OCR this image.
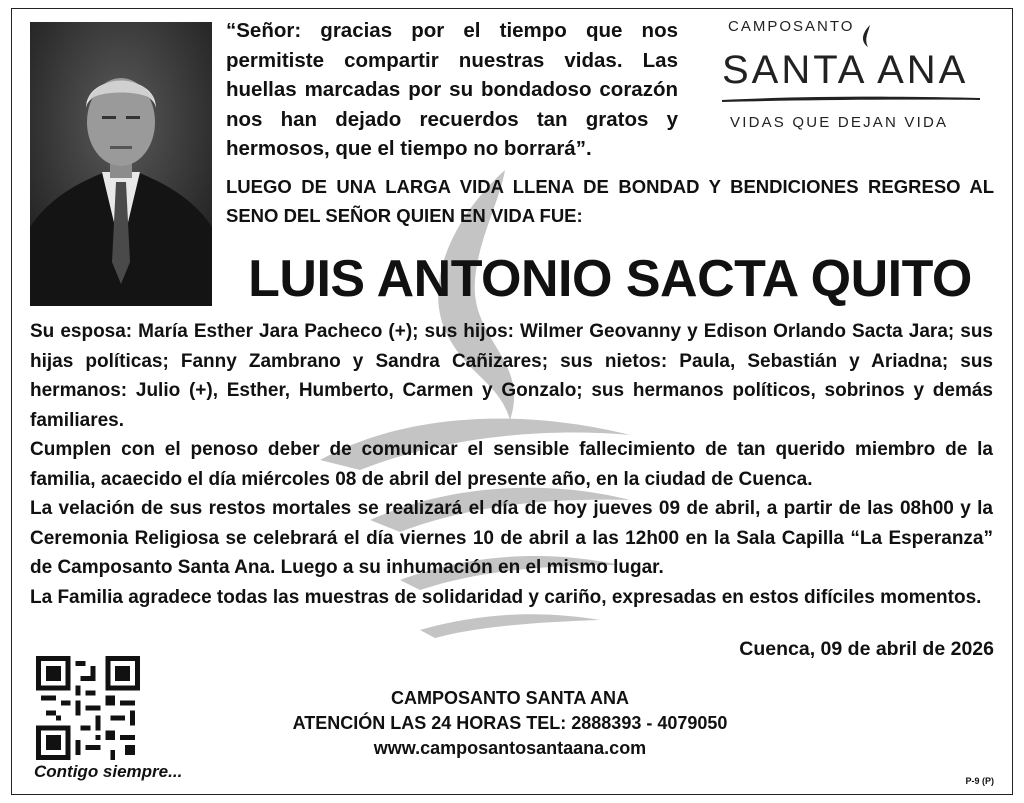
“Señor: gracias por el tiempo que nos permitiste compartir nuestras vidas. Las huellas marcadas por su bondadoso corazón nos han dejado recuerdos tan gratos y hermosos, que el tiempo no borrará”.
CAMPOSANTO
SANTA ANA
VIDAS QUE DEJAN VIDA
LUEGO DE UNA LARGA VIDA LLENA DE BONDAD Y BENDICIONES REGRESO AL SENO DEL SEÑOR QUIEN EN VIDA FUE:
LUIS ANTONIO SACTA QUITO

Su esposa: María Esther Jara Pacheco (+); sus hijos: Wilmer Geovanny y Edison Orlando Sacta Jara; sus hijas políticas; Fanny Zambrano y Sandra Cañizares; sus nietos: Paula, Sebastián y Ariadna; sus hermanos: Julio (+), Esther, Humberto, Carmen y Gonzalo; sus hermanos políticos, sobrinos y demás familiares.

Cumplen con el penoso deber de comunicar el sensible fallecimiento de tan querido miembro de la familia, acaecido el día miércoles 08 de abril del presente año, en la ciudad de Cuenca.

La velación de sus restos mortales se realizará el día de hoy jueves 09 de abril, a partir de las 08h00 y la Ceremonia Religiosa se celebrará el día viernes 10 de abril a las 12h00 en la Sala Capilla “La Esperanza” de Camposanto Santa Ana. Luego a su inhumación en el mismo lugar.

La Familia agradece todas las muestras de solidaridad y cariño, expresadas en estos difíciles momentos.

Cuenca, 09 de abril de 2026
Contigo siempre...
CAMPOSANTO SANTA ANA
ATENCIÓN LAS 24 HORAS TEL: 2888393 - 4079050
www.camposantosantaana.com
P-9 (P)
